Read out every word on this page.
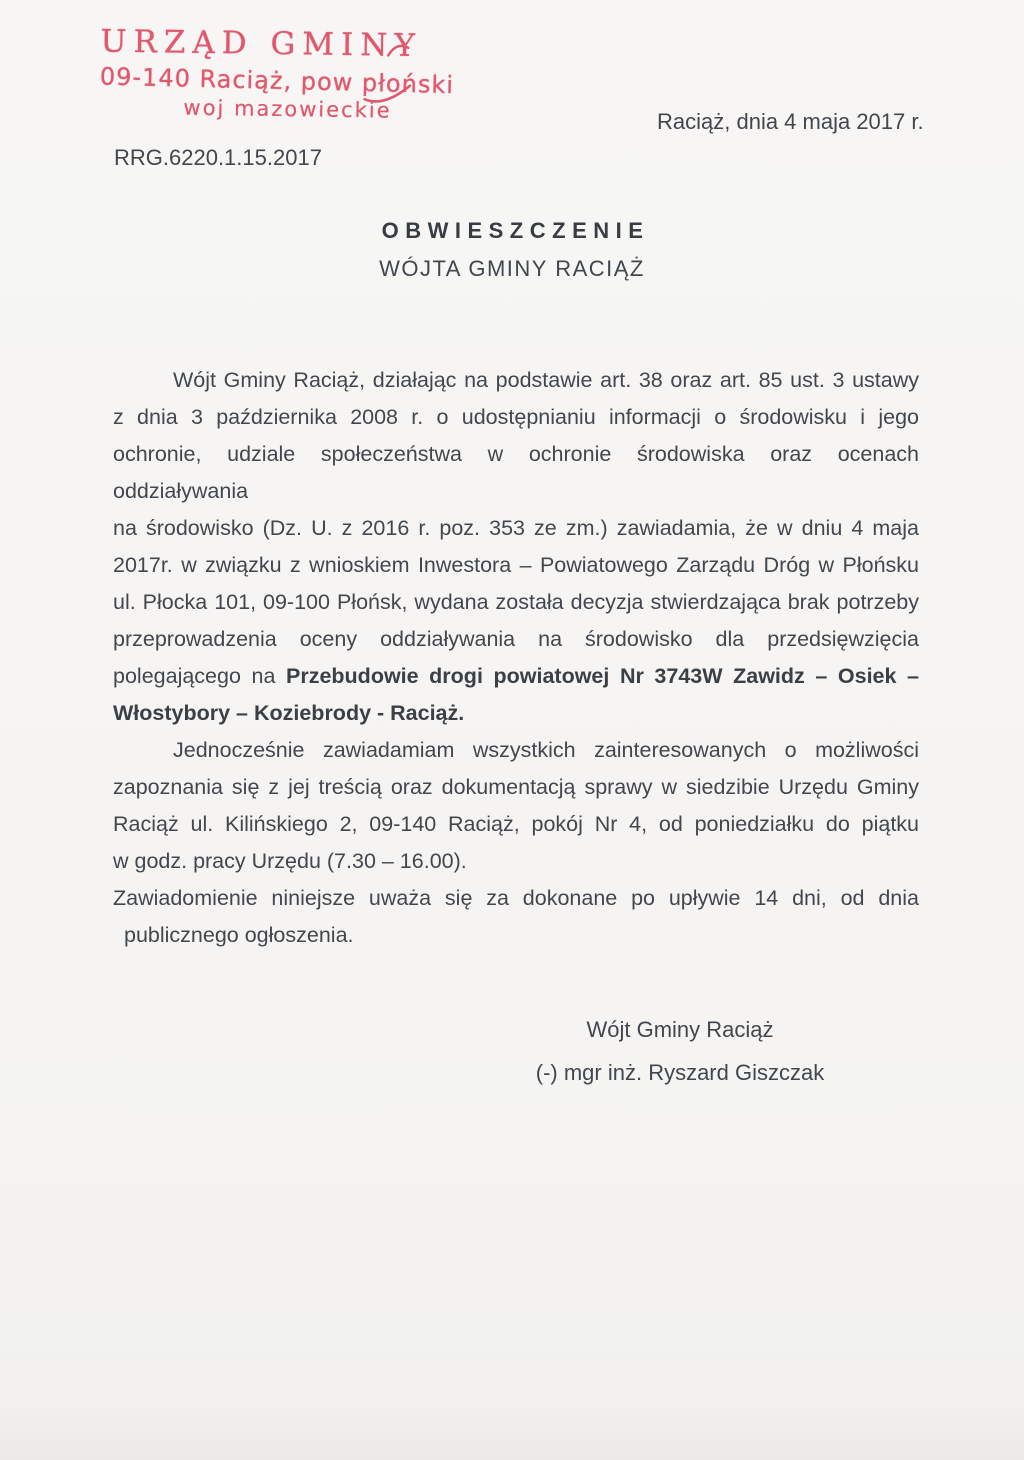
URZĄD GMINY
09-140 Raciąż, pow płoński
woj mazowieckie	Raciąż, dnia 4 maja 2017 r.
RRG.6220.1.15.2017
OBWIESZCZENIE
WÓJTA GMINY RACIĄŻ
Wójt Gminy Raciąż, działając na podstawie art. 38 oraz art. 85 ust. 3 ustawy
z dnia 3 października 2008 r. o udostępnianiu informacji o środowisku i jego
ochronie, udziale społeczeństwa w ochronie środowiska oraz ocenach oddziaływania
na środowisko (Dz. U. z 2016 r. poz. 353 ze zm.) zawiadamia, że w dniu 4 maja
2017r. w związku z wnioskiem Inwestora – Powiatowego Zarządu Dróg w Płońsku
ul. Płocka 101, 09-100 Płońsk, wydana została decyzja stwierdzająca brak potrzeby
przeprowadzenia oceny oddziaływania na środowisko dla przedsięwzięcia
polegającego na Przebudowie drogi powiatowej Nr 3743W Zawidz – Osiek –
Włostybory – Koziebrody - Raciąż.
Jednocześnie zawiadamiam wszystkich zainteresowanych o możliwości
zapoznania się z jej treścią oraz dokumentacją sprawy w siedzibie Urzędu Gminy
Raciąż ul. Kilińskiego 2, 09-140 Raciąż, pokój Nr 4, od poniedziałku do piątku
w godz. pracy Urzędu (7.30 – 16.00).
Zawiadomienie niniejsze uważa się za dokonane po upływie 14 dni, od dnia
publicznego ogłoszenia.
Wójt Gminy Raciąż
(-) mgr inż. Ryszard Giszczak
